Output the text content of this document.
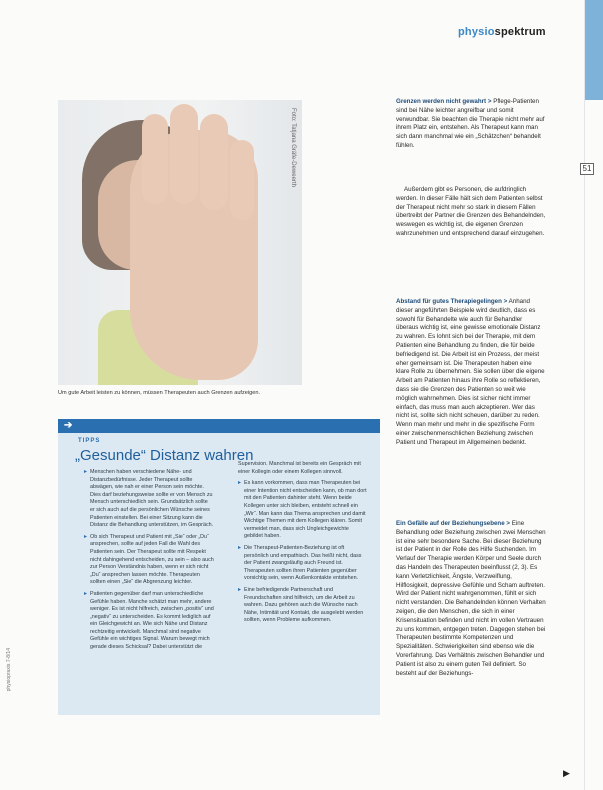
physiospektrum
51
Foto: Tatjana Gräfe-Deweerth
Um gute Arbeit leisten zu können, müssen Therapeuten auch Grenzen aufzeigen.
➔
TIPPS
„Gesunde“ Distanz wahren
▸ Menschen haben verschiedene Nähe- und Distanzbedürfnisse. Jeder Therapeut sollte abwägen, wie nah er einer Person sein möchte. Dies darf beziehungsweise sollte er von Mensch zu Mensch unterschiedlich sein. Grundsätzlich sollte er sich auch auf die persönlichen Wünsche seines Patienten einstellen. Bei einer Sitzung kann die Distanz die Behandlung unterstützen, im Gespräch.
▸ Ob sich Therapeut und Patient mit „Sie“ oder „Du“ ansprechen, sollte auf jeden Fall die Wahl des Patienten sein. Der Therapeut sollte mit Respekt nicht dahingehend entscheiden, zu sein – also auch zur Person Verständnis haben, wenn er sich nicht „Du“ ansprechen lassen möchte. Therapeuten sollten einen „Sie“ die Abgrenzung leichter.
▸ Patienten gegenüber darf man unterschiedliche Gefühle haben. Manche schätzt man mehr, andere weniger. Es ist nicht hilfreich, zwischen „positiv“ und „negativ“ zu unterscheiden. Es kommt lediglich auf ein Gleichgewicht an. Wie sich Nähe und Distanz rechtzeitig entwickelt. Manchmal sind negative Gefühle ein wichtiges Signal. Warum bewegt mich gerade dieses Schicksal? Dabei unterstützt die
Supervision. Manchmal ist bereits ein Gespräch mit einer Kollegin oder einem Kollegen sinnvoll.
▸ Es kann vorkommen, dass man Therapeuten bei einer Intention nicht entscheiden kann, ob man dort mit den Patienten dahinter steht. Wenn beide Kollegen unter sich bleiben, entsteht schnell ein „Wir“. Man kann das Thema ansprechen und damit Wichtige Themen mit dem Kollegen klären. Somit vermeidet man, dass sich Ungleichgewichte gebildet haben.
▸ Die Therapeut-Patienten-Beziehung ist oft persönlich und empathisch. Das heißt nicht, dass der Patient zwangsläufig auch Freund ist. Therapeuten sollten ihren Patienten gegenüber vorsichtig sein, wenn Außenkontakte entstehen.
▸ Eine befriedigende Partnerschaft und Freundschaften sind hilfreich, um die Arbeit zu wahren. Dazu gehören auch die Wünsche nach Nähe, Intimität und Kontakt, die ausgelebt werden sollten, wenn Probleme aufkommen.
physiopraxis 7-8/14

Grenzen werden nicht gewahrt > Pflege-Patienten sind bei Nähe leichter angreifbar und somit verwundbar. Sie beachten die Therapie nicht mehr auf ihrem Platz ein, entstehen. Als Therapeut kann man sich dann manchmal wie ein „Schätzchen“ behandelt fühlen.

Außerdem gibt es Personen, die aufdringlich werden. In dieser Fälle hält sich dem Patienten selbst der Therapeut nicht mehr so stark in diesem Fällen übertreibt der Partner die Grenzen des Behandelnden, weswegen es wichtig ist, die eigenen Grenzen wahrzunehmen und entsprechend darauf einzugehen.

Abstand für gutes Therapiegelingen > Anhand dieser angeführten Beispiele wird deutlich, dass es sowohl für Behandelte wie auch für Behandler überaus wichtig ist, eine gewisse emotionale Distanz zu wahren. Es lohnt sich bei der Therapie, mit dem Patienten eine Behandlung zu finden, die für beide befriedigend ist. Die Arbeit ist ein Prozess, der meist eher gemeinsam ist. Die Therapeuten haben eine klare Rolle zu übernehmen. Sie sollen über die eigene Arbeit am Patienten hinaus ihre Rolle so reflektieren, dass sie die Grenzen des Patienten so weit wie möglich wahrnehmen. Dies ist sicher nicht immer einfach, das muss man auch akzeptieren. Wer das nicht ist, sollte sich nicht scheuen, darüber zu reden. Wenn man mehr und mehr in die spezifische Form einer zwischenmenschlichen Beziehung zwischen Patient und Therapeut im Allgemeinen bedenkt.

Ein Gefälle auf der Beziehungsebene > Eine Behandlung oder Beziehung zwischen zwei Menschen ist eine sehr besondere Sache. Bei dieser Beziehung ist der Patient in der Rolle des Hilfe Suchenden. Im Verlauf der Therapie werden Körper und Seele durch das Handeln des Therapeuten beeinflusst (2, 3). Es kann Verletzlichkeit, Ängste, Verzweiflung, Hilflosigkeit, depressive Gefühle und Scham auftreten. Wird der Patient nicht wahrgenommen, fühlt er sich nicht verstanden. Die Behandelnden können Verhalten zeigen, die den Menschen, die sich in einer Krisensituation befinden und nicht im vollen Vertrauen zu uns kommen, entgegen treten. Dagegen stehen bei Therapeuten bestimmte Kompetenzen und Spezialitäten. Schwierigkeiten sind ebenso wie die Vorerfahrung. Das Verhältnis zwischen Behandler und Patient ist also zu einem guten Teil definiert. So besteht auf der Beziehungs-

▶
